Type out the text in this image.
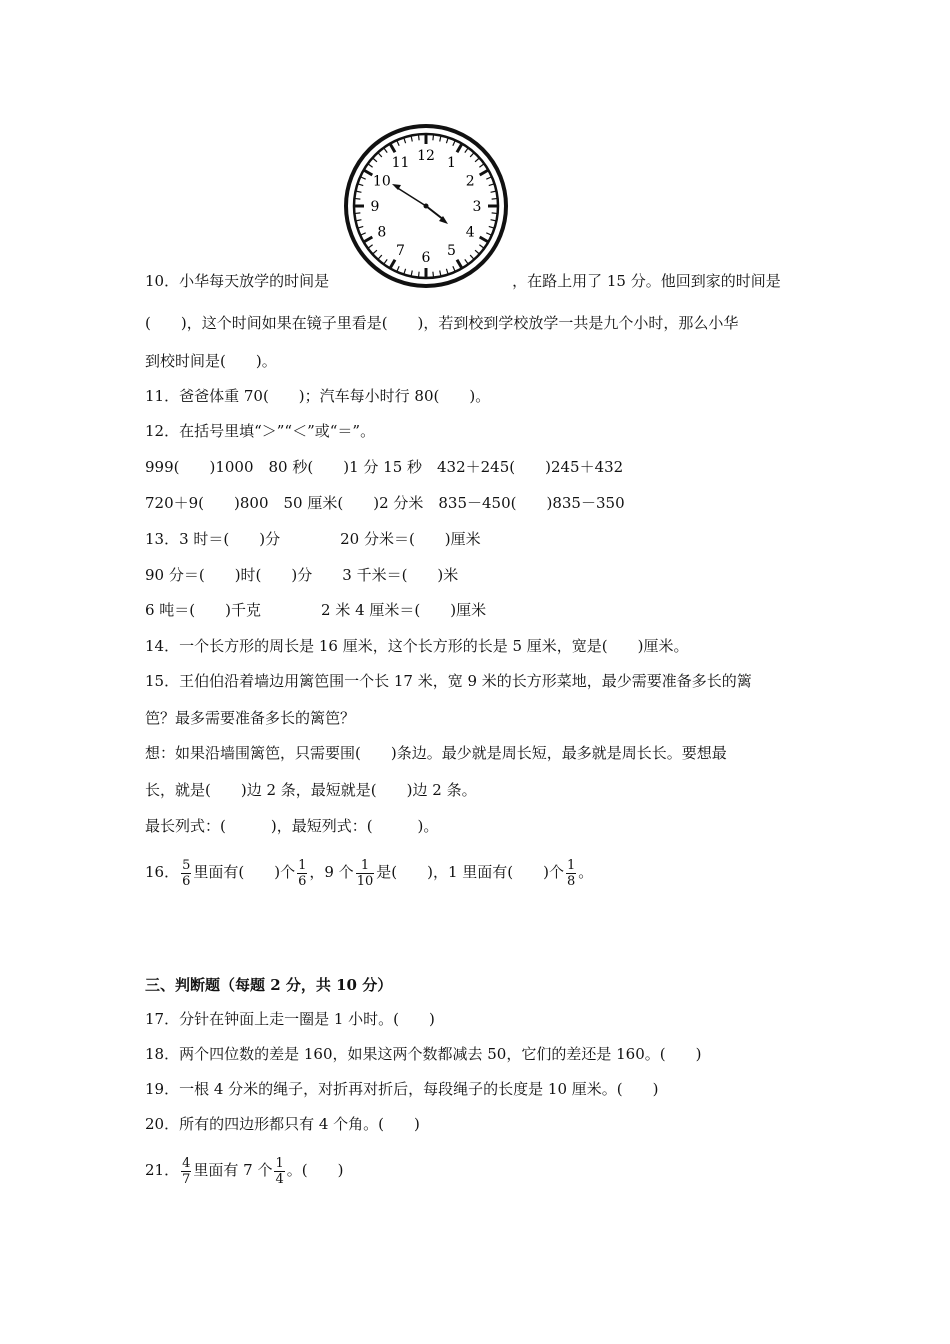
12 1
2
3
4
5
6
7
8
9
10
11
10．小华每天放学的时间是	，在路上用了 15 分。他回到家的时间是
(　　)，这个时间如果在镜子里看是(　　)，若到校到学校放学一共是九个小时，那么小华
到校时间是(　　)。
11．爸爸体重 70(　　)；汽车每小时行 80(　　)。
12．在括号里填“＞”“＜”或“＝”。
999(　　)1000　80 秒(　　)1 分 15 秒　432＋245(　　)245＋432
720＋9(　　)800　50 厘米(　　)2 分米　835－450(　　)835－350
13．3 时＝(　　)分　　　　20 分米＝(　　)厘米
90 分＝(　　)时(　　)分　　3 千米＝(　　)米
6 吨＝(　　)千克　　　　2 米 4 厘米＝(　　)厘米
14．一个长方形的周长是 16 厘米，这个长方形的长是 5 厘米，宽是(　　)厘米。
15．王伯伯沿着墙边用篱笆围一个长 17 米，宽 9 米的长方形菜地，最少需要准备多长的篱
笆？最多需要准备多长的篱笆？
想：如果沿墙围篱笆，只需要围(　　)条边。最少就是周长短，最多就是周长长。要想最
长，就是(　　)边 2 条，最短就是(　　)边 2 条。
最长列式：(　　　)，最短列式：(　　　)。
16． $\frac{5}{6}$ 里面有(　　)个 $\frac{1}{6}$ ，9 个 $\frac{1}{10}$ 是(　　)，1 里面有(　　)个 $\frac{1}{8}$ 。
三、判断题（每题 2 分，共 10 分）
17．分针在钟面上走一圈是 1 小时。(　　)
18．两个四位数的差是 160，如果这两个数都减去 50，它们的差还是 160。(　　)
19．一根 4 分米的绳子，对折再对折后，每段绳子的长度是 10 厘米。(　　)
20．所有的四边形都只有 4 个角。(　　)
21． $\frac{4}{7}$ 里面有 7 个 $\frac{1}{4}$ 。(　　)
